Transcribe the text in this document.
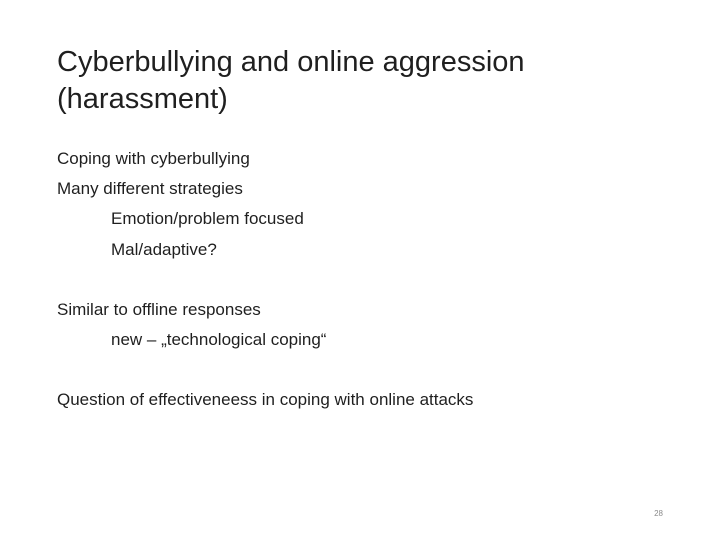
Cyberbullying and online aggression
(harassment)
Coping with cyberbullying
Many different strategies
Emotion/problem focused
Mal/adaptive?
Similar to offline responses
new – „technological coping“
Question of effectiveneess in coping with online attacks
28
